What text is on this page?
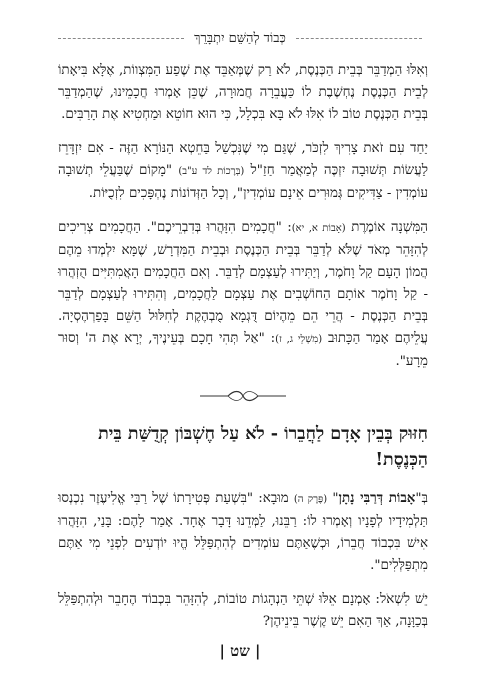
כְּבוֹד לְהַשֵּׁם יִתְבָּרֵךְ

וְאִלּוּ הַמְדַבֵּר בְּבֵית הַכְּנֶסֶת, לֹא רַק שֶׁמְּאַבֵּד אֶת שֶׁפַע הַמִּצְווֹת, אֶלָּא בִּיאָתוֹ לְבֵית הַכְּנֶסֶת נֶחְשֶׁבֶת לוֹ כַּעֲבֵרָה חֲמוּרָה, שֶׁכֵּן אָמְרוּ חֲכָמֵינוּ, שֶׁהַמְדַבֵּר בְּבֵית הַכְּנֶסֶת טוֹב לוֹ אִלּוּ לֹא בָּא בִּכְלָל, כִּי הוּא חוֹטֵא וּמַחְטִיא אֶת הָרַבִּים.

יַחַד עִם זֹאת צָרִיךְ לִזְכֹּר, שֶׁגַּם מִי שֶׁנִּכְשַׁל בַּחֵטְא הַנּוֹרָא הַזֶּה - אִם יִזְדָּרֵז לַעֲשׂוֹת תְּשׁוּבָה יִזְכֶּה לְמַאֲמַר חַזַ"ל (בְּרָכוֹת לד ע"ב) "מָקוֹם שֶׁבַּעֲלֵי תְשׁוּבָה עוֹמְדִין - צַדִּיקִים גְּמוּרִים אֵינָם עוֹמְדִין", וְכָל הַזְּדוֹנוֹת נֶהְפָּכִים לִזְכֻיּוֹת.

הַמִּשְׁנָה אוֹמֶרֶת (אָבוֹת א, יא): "חֲכָמִים הִזָּהֲרוּ בְּדִבְרֵיכֶם". הַחֲכָמִים צְרִיכִים לְהִזָּהֵר מְאֹד שֶׁלֹּא לְדַבֵּר בְּבֵית הַכְּנֶסֶת וּבְבֵית הַמִּדְרָשׁ, שֶׁמָּא יִלְמְדוּ מֵהֶם הֲמוֹן הָעָם קַל וָחֹמֶר, וְיַתִּירוּ לְעַצְמָם לְדַבֵּר. וְאִם הַחֲכָמִים הָאֲמִתִּיִּים הֻזְהֲרוּ - קַל וָחֹמֶר אוֹתָם הַחוֹשְׁבִים אֶת עַצְמָם לַחֲכָמִים, וְהִתִּירוּ לְעַצְמָם לְדַבֵּר בְּבֵית הַכְּנֶסֶת - הֲרֵי הֵם מֵהֶיוֹם דֻּגְמָא מֻבְהֶקֶת לְחִלּוּל הַשֵּׁם בָּפַרְהֶסְיָה. עֲלֵיהֶם אָמַר הַכָּתוּב (מִשְׁלֵי ג, ז): "אַל תְּהִי חָכָם בְּעֵינֶיךָ, יְרָא אֶת ה' וְסוּר מֵרָע".

חִזּוּק בְּבֵין אָדָם לַחֲבֵרוֹ - לֹא עַל חֶשְׁבּוֹן קְדֻשַּׁת בֵּית הַכְּנֶסֶת!

בְּ"אָבוֹת דְּרַבִּי נָתָן" (פֶּרֶק ה) מוּבָא: "בִּשְׁעַת פְּטִירָתוֹ שֶׁל רַבִּי אֱלִיעֶזֶר נִכְנְסוּ תַּלְמִידָיו לְפָנָיו וְאָמְרוּ לוֹ: רַבֵּנוּ, לַמְּדֵנוּ דָּבָר אֶחָד. אָמַר לָהֶם: בָּנַי, הִזָּהֲרוּ אִישׁ בִּכְבוֹד חֲבֵרוֹ, וּכְשֶׁאַתֶּם עוֹמְדִים לְהִתְפַּלֵּל הֱיוּ יוֹדְעִים לִפְנֵי מִי אַתֶּם מִתְפַּלְּלִים".

יֵשׁ לִשְׁאֹל: אָמְנָם אֵלּוּ שְׁתֵּי הַנְהָגוֹת טוֹבוֹת, לְהִזָּהֵר בִּכְבוֹד הֶחָבֵר וּלְהִתְפַּלֵּל בְּכַוָּנָה, אַךְ הַאִם יֵשׁ קֶשֶׁר בֵּינֵיהֶן?

| שט |
